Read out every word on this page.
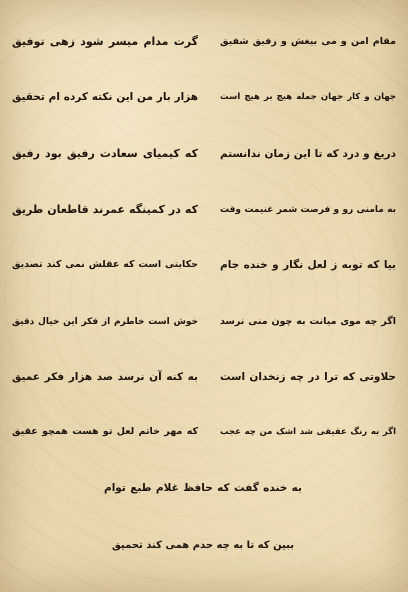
مقام امن و می بیغش و رفیق شفیق
گرت مدام میسر شود زهی توفیق
جهان و کار جهان جمله هیچ بر هیچ است
هزار بار من این نکته کرده ام تحقیق
دریغ و درد که تا این زمان ندانستم
که کیمیای سعادت رفیق بود رفیق
به مامنی رو و فرصت شمر غنیمت وقت
که در کمینگه عمرند قاطعان طریق
بیا که توبه ز لعل نگار و خنده جام
حکایتی است که عقلش نمی کند تصدیق
اگر چه موی میانت به چون منی نرسد
خوش است خاطرم از فکر این خیال دقیق
حلاوتی که ترا در چه زنخدان است
به کنه آن نرسد صد هزار فکر عمیق
اگر به رنگ عقیقی شد اشک من چه عجب
که مهر خاتم لعل تو هست همچو عقیق
به خنده گفت که حافظ غلام طبع توام
ببین که تا به چه حدم همی کند تحمیق
